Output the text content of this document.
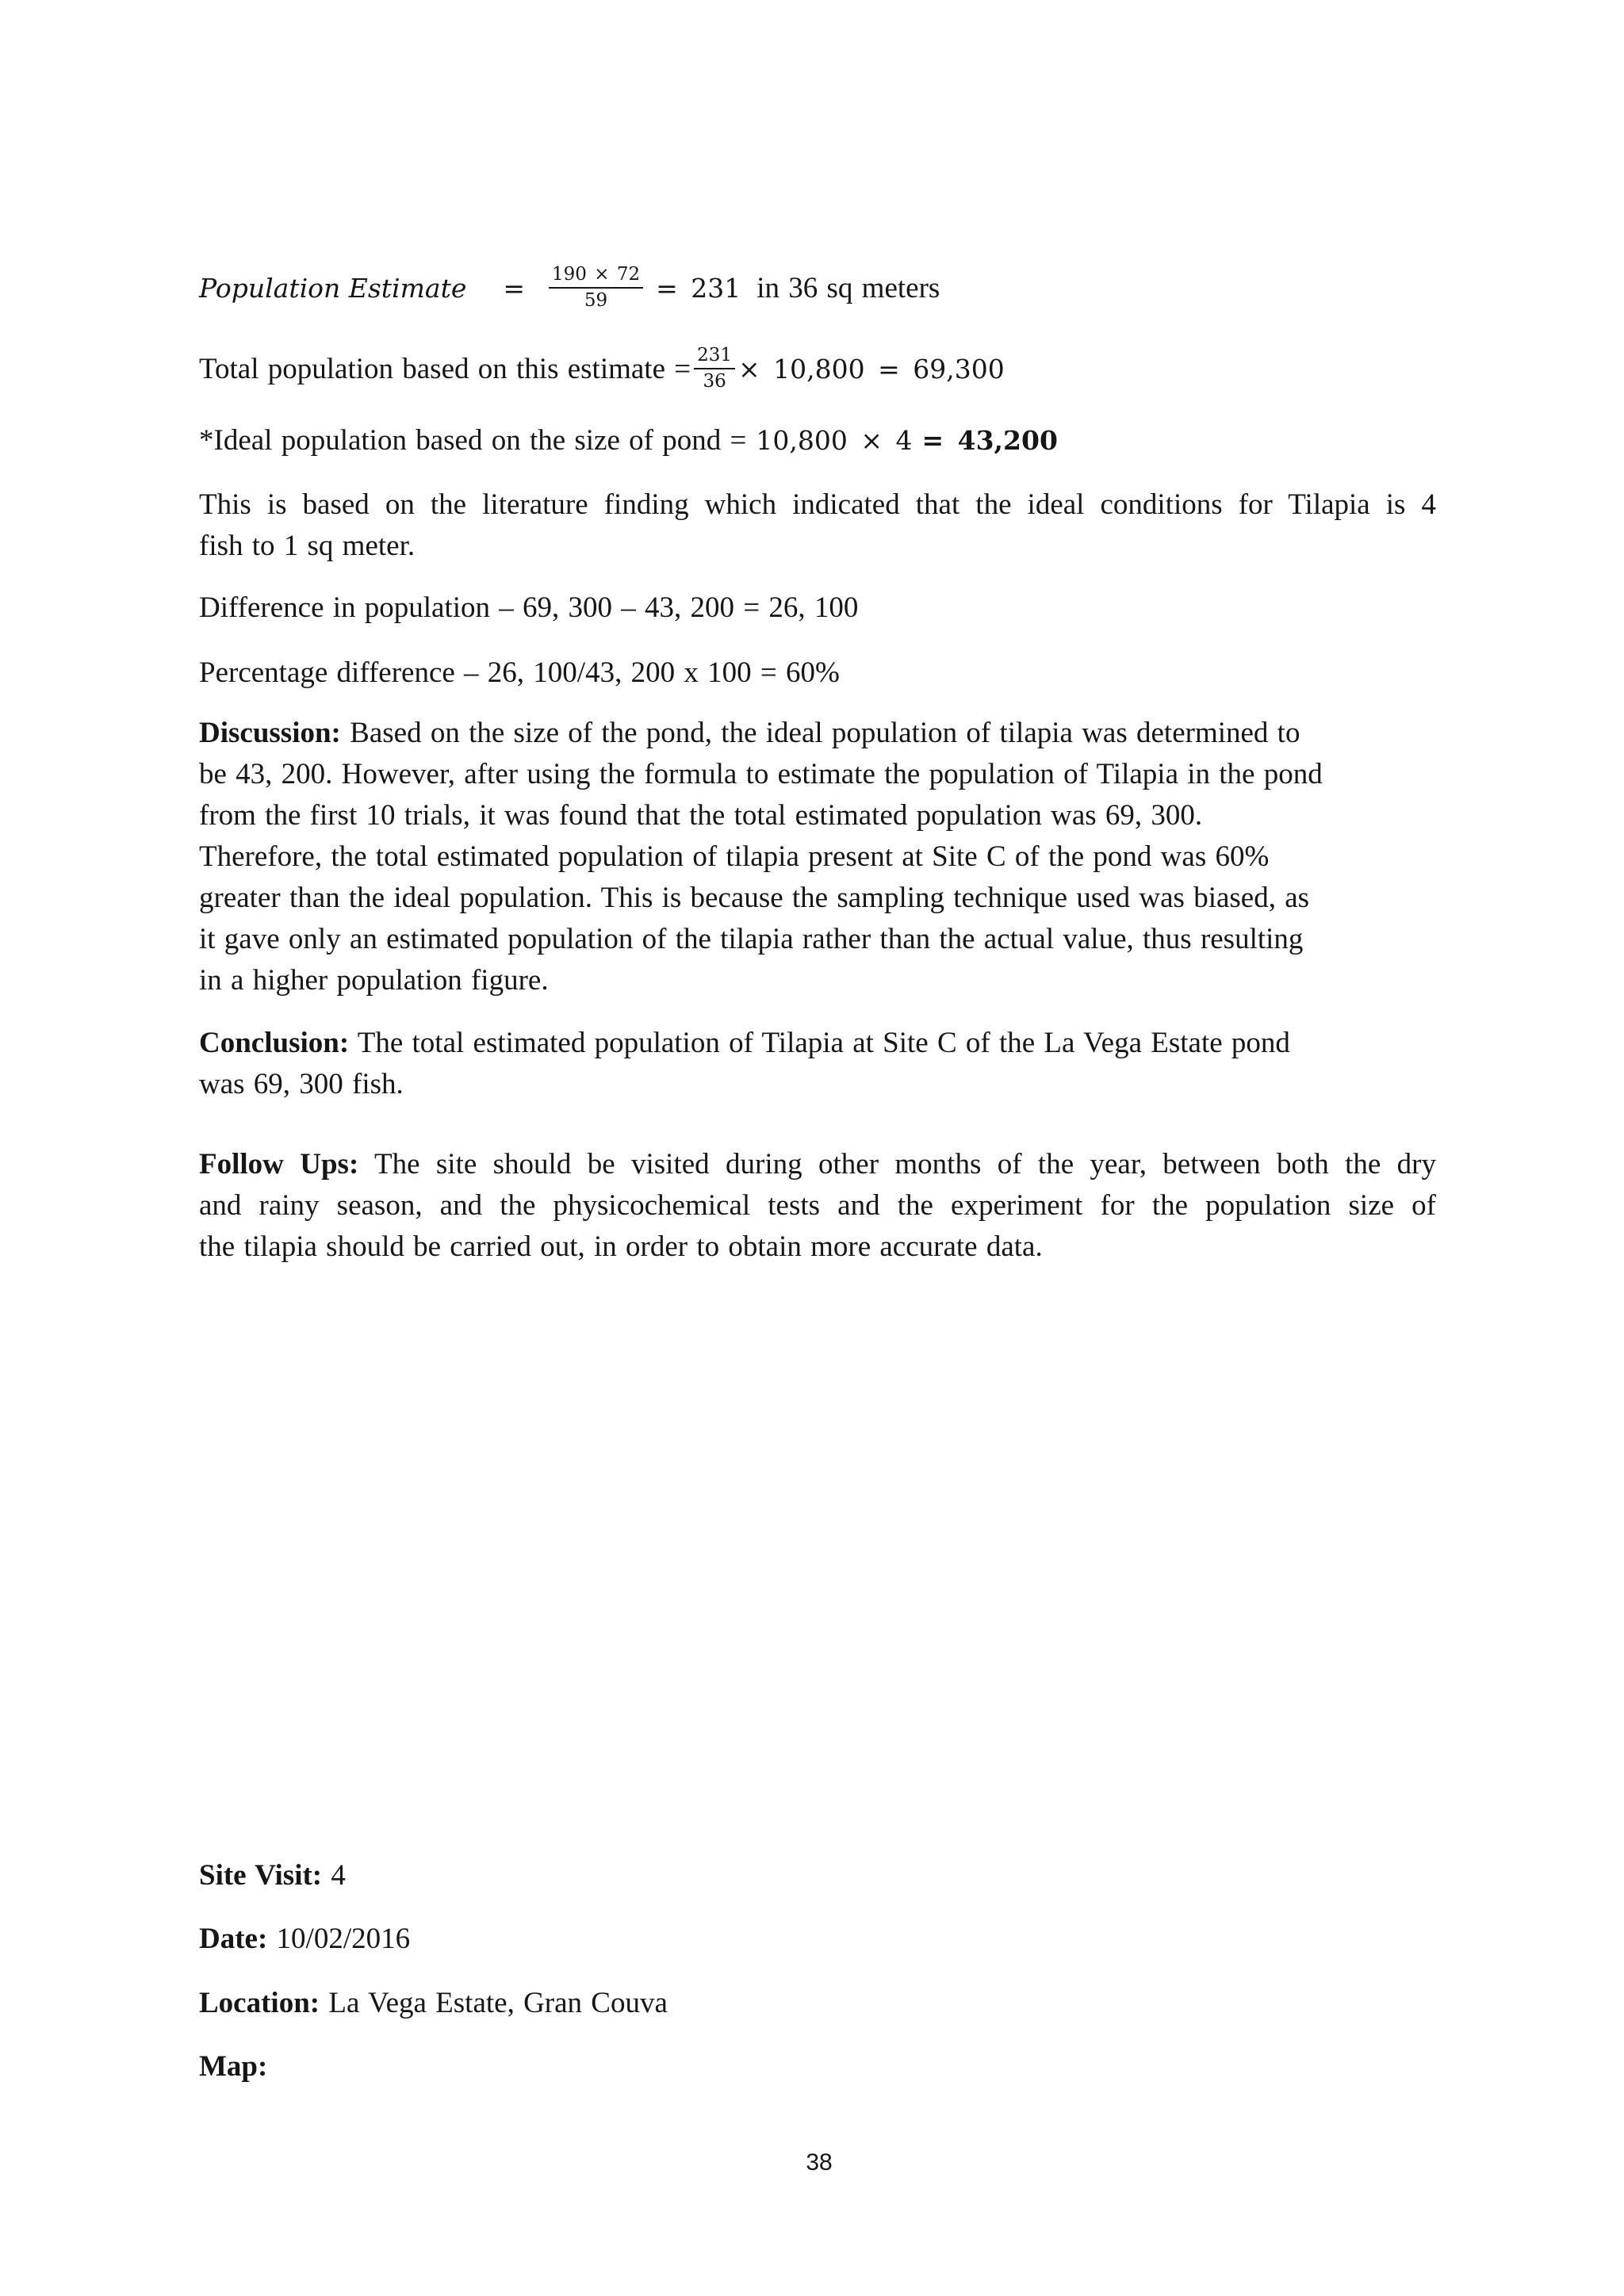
Population Estimate = $\frac{190 \times 72}{59} = 231$ in 36 sq meters
Total population based on this estimate = $\frac{231}{36} \times 10,800 = 69,300$
*Ideal population based on the size of pond = 10,800 × 4 = 43,200
This is based on the literature finding which indicated that the ideal conditions for Tilapia is 4
fish to 1 sq meter.
Difference in population – 69, 300 – 43, 200 = 26, 100
Percentage difference – 26, 100/43, 200 x 100 = 60%
Discussion: Based on the size of the pond, the ideal population of tilapia was determined to
be 43, 200. However, after using the formula to estimate the population of Tilapia in the pond
from the first 10 trials, it was found that the total estimated population was 69, 300.
Therefore, the total estimated population of tilapia present at Site C of the pond was 60%
greater than the ideal population. This is because the sampling technique used was biased, as
it gave only an estimated population of the tilapia rather than the actual value, thus resulting
in a higher population figure.
Conclusion: The total estimated population of Tilapia at Site C of the La Vega Estate pond
was 69, 300 fish.
Follow Ups: The site should be visited during other months of the year, between both the dry
and rainy season, and the physicochemical tests and the experiment for the population size of
the tilapia should be carried out, in order to obtain more accurate data.
Site Visit: 4
Date: 10/02/2016
Location: La Vega Estate, Gran Couva
Map:
38
